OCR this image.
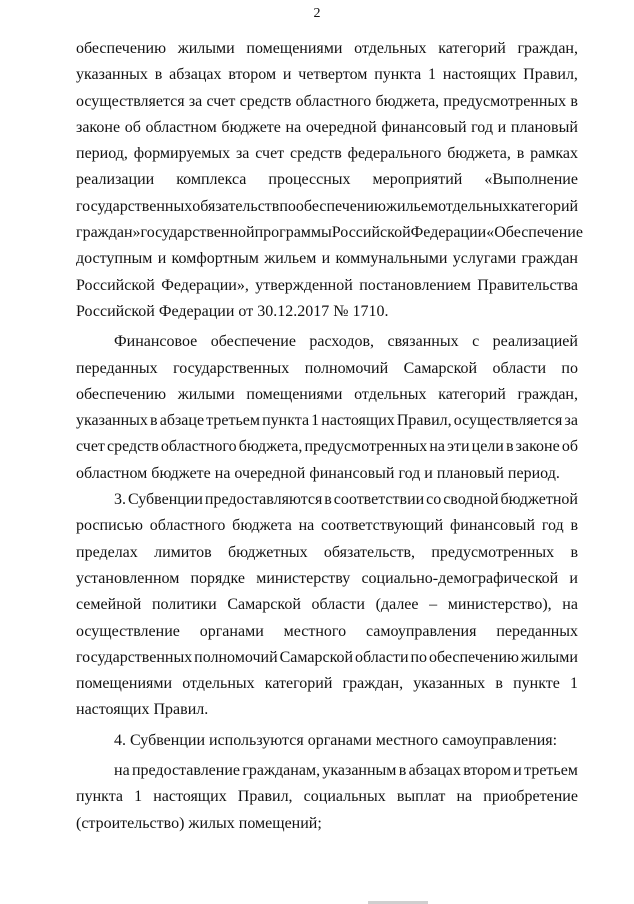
2
обеспечению жилыми помещениями отдельных категорий граждан,
указанных в абзацах втором и четвертом пункта 1 настоящих Правил,
осуществляется за счет средств областного бюджета, предусмотренных в
законе об областном бюджете на очередной финансовый год и плановый
период, формируемых за счет средств федерального бюджета, в рамках
реализации комплекса процессных мероприятий «Выполнение
государственных обязательств по обеспечению жильем отдельных категорий
граждан» государственной программы Российской Федерации «Обеспечение
доступным и комфортным жильем и коммунальными услугами граждан
Российской Федерации», утвержденной постановлением Правительства
Российской Федерации от 30.12.2017 № 1710.
Финансовое обеспечение расходов, связанных с реализацией
переданных государственных полномочий Самарской области по
обеспечению жилыми помещениями отдельных категорий граждан,
указанных в абзаце третьем пункта 1 настоящих Правил, осуществляется за
счет средств областного бюджета, предусмотренных на эти цели в законе об
областном бюджете на очередной финансовый год и плановый период.
3. Субвенции предоставляются в соответствии со сводной бюджетной
росписью областного бюджета на соответствующий финансовый год в
пределах лимитов бюджетных обязательств, предусмотренных в
установленном порядке министерству социально-демографической и
семейной политики Самарской области (далее – министерство), на
осуществление органами местного самоуправления переданных
государственных полномочий Самарской области по обеспечению жилыми
помещениями отдельных категорий граждан, указанных в пункте 1
настоящих Правил.
4. Субвенции используются органами местного самоуправления:
на предоставление гражданам, указанным в абзацах втором и третьем
пункта 1 настоящих Правил, социальных выплат на приобретение
(строительство) жилых помещений;
